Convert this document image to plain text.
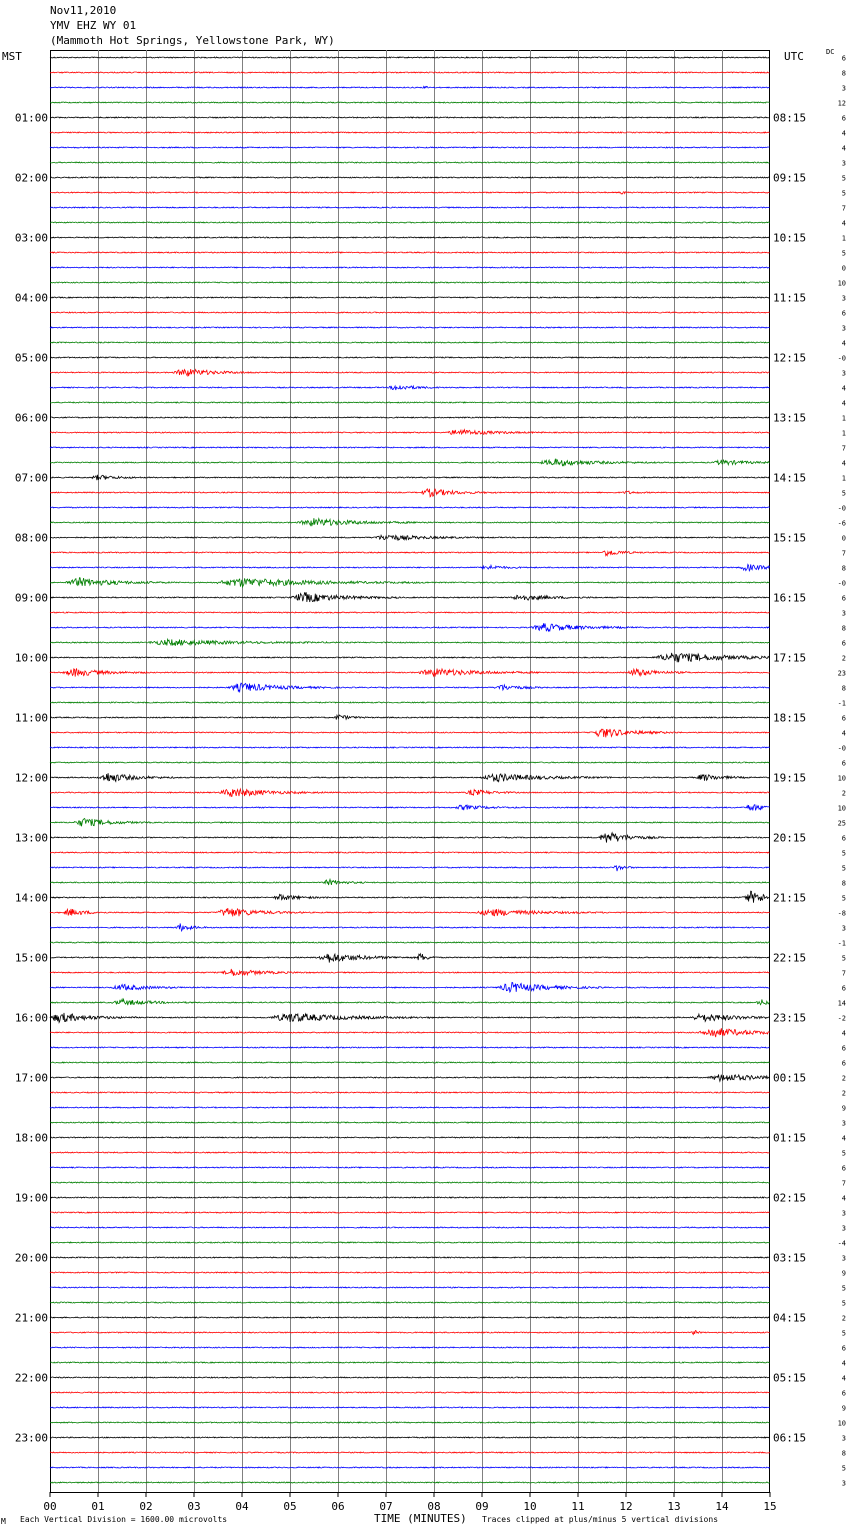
01:00
02:00
03:00
04:00
05:00
06:00
07:00
08:00
09:00
10:00
11:00
12:00
13:00
14:00
15:00
16:00
17:00
18:00
19:00
20:00
21:00
22:00
23:00
08:15
09:15
10:15
11:15
12:15
13:15
14:15
15:15
16:15
17:15
18:15
19:15
20:15
21:15
22:15
23:15
00:15
01:15
02:15
03:15
04:15
05:15
06:15
6
8
3
12
6
4
4
3
5
5
7
4
1
5
0
10
3
6
3
4
-0
3
4
4
1
1
7
4
1
5
-0
-6
0
7
8
-0
6
3
8
6
2
23
8
-1
6
4
-0
6
10
2
10
25
6
5
5
8
5
-8
3
-1
5
7
6
14
-2
4
6
6
2
2
9
3
4
5
6
7
4
3
3
-4
3
9
5
5
2
5
6
4
4
6
9
10
3
8
5
3
00	01	02	03	04	05	06	07	08	09	10	11	12	13	14	15
Nov11,2010
YMV EHZ WY 01
(Mammoth Hot Springs, Yellowstone Park, WY)
MST	UTC	DC
M Each Vertical Division = 1600.00 microvolts	TIME (MINUTES) Traces clipped at plus/minus 5 vertical divisions
